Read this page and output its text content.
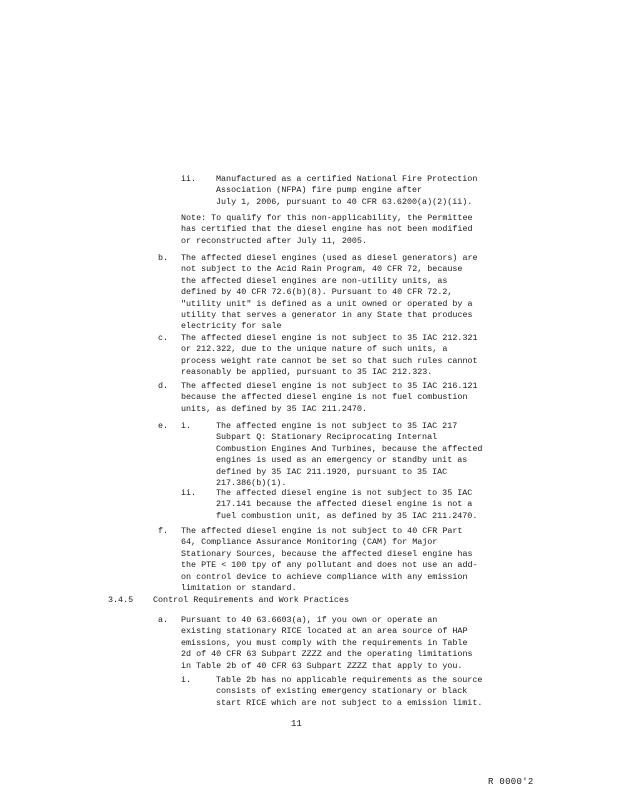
ii. Manufactured as a certified National Fire Protection
Association (NFPA) fire pump engine after
July 1, 2006, pursuant to 40 CFR 63.6200(a)(2)(ii).
Note: To qualify for this non-applicability, the Permittee
has certified that the diesel engine has not been modified
or reconstructed after July 11, 2005.
b. The affected diesel engines (used as diesel generators) are
not subject to the Acid Rain Program, 40 CFR 72, because
the affected diesel engines are non-utility units, as
defined by 40 CFR 72.6(b)(8). Pursuant to 40 CFR 72.2,
"utility unit" is defined as a unit owned or operated by a
utility that serves a generator in any State that produces
electricity for sale
c. The affected diesel engine is not subject to 35 IAC 212.321
or 212.322, due to the unique nature of such units, a
process weight rate cannot be set so that such rules cannot
reasonably be applied, pursuant to 35 IAC 212.323.
d. The affected diesel engine is not subject to 35 IAC 216.121
because the affected diesel engine is not fuel combustion
units, as defined by 35 IAC 211.2470.
e. i.	The affected engine is not subject to 35 IAC 217
Subpart Q: Stationary Reciprocating Internal
Combustion Engines And Turbines, because the affected
engines is used as an emergency or standby unit as
defined by 35 IAC 211.1920, pursuant to 35 IAC
217.386(b)(1).
ii. The affected diesel engine is not subject to 35 IAC
217.141 because the affected diesel engine is not a
fuel combustion unit, as defined by 35 IAC 211.2470.
f. The affected diesel engine is not subject to 40 CFR Part
64, Compliance Assurance Monitoring (CAM) for Major
Stationary Sources, because the affected diesel engine has
the PTE < 100 tpy of any pollutant and does not use an add-
on control device to achieve compliance with any emission
limitation or standard.
3.4.5 Control Requirements and Work Practices
a. Pursuant to 40 63.6603(a), if you own or operate an
existing stationary RICE located at an area source of HAP
emissions, you must comply with the requirements in Table
2d of 40 CFR 63 Subpart ZZZZ and the operating limitations
in Table 2b of 40 CFR 63 Subpart ZZZZ that apply to you.
i.	Table 2b has no applicable requirements as the source
consists of existing emergency stationary or black
start RICE which are not subject to a emission limit.
11
R 0000'2
